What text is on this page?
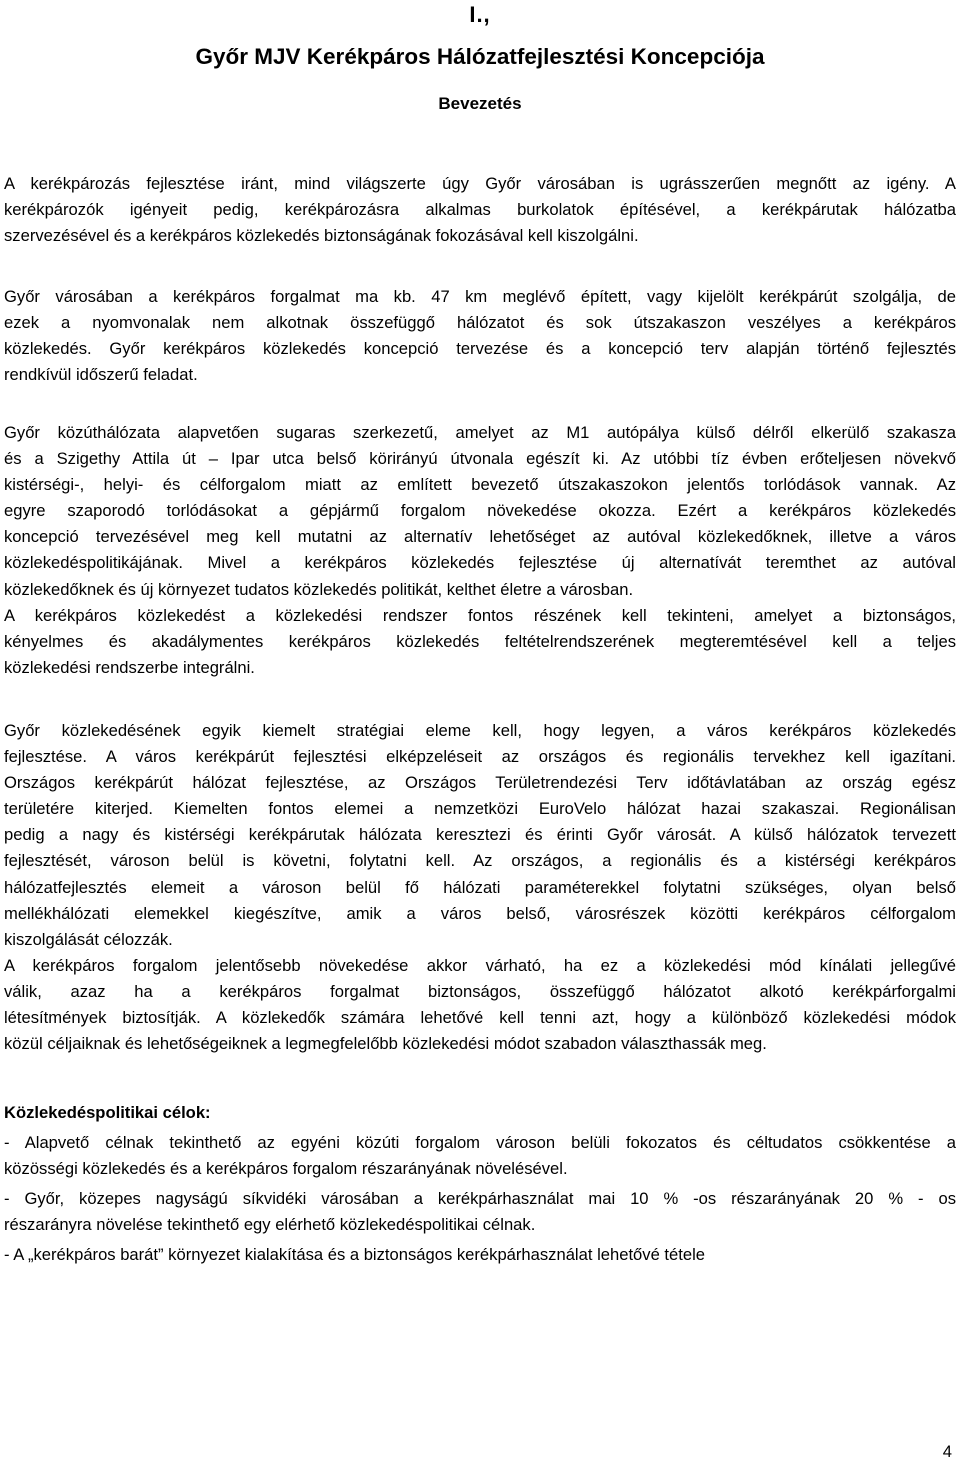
I.,
Győr MJV Kerékpáros Hálózatfejlesztési Koncepciója
Bevezetés

A kerékpározás fejlesztése iránt, mind világszerte úgy Győr városában is ugrásszerűen megnőtt az igény. A
kerékpározók igényeit pedig, kerékpározásra alkalmas burkolatok építésével, a kerékpárutak hálózatba
szervezésével és a kerékpáros közlekedés biztonságának fokozásával kell kiszolgálni.

Győr városában a kerékpáros forgalmat ma kb. 47 km meglévő épített, vagy kijelölt kerékpárút szolgálja, de
ezek a nyomvonalak nem alkotnak összefüggő hálózatot és sok útszakaszon veszélyes a kerékpáros
közlekedés. Győr kerékpáros közlekedés koncepció tervezése és a koncepció terv alapján történő fejlesztés
rendkívül időszerű feladat.

Győr közúthálózata alapvetően sugaras szerkezetű, amelyet az M1 autópálya külső délről elkerülő szakasza
és a Szigethy Attila út – Ipar utca belső körirányú útvonala egészít ki. Az utóbbi tíz évben erőteljesen növekvő
kistérségi-, helyi- és célforgalom miatt az említett bevezető útszakaszokon jelentős torlódások vannak. Az
egyre szaporodó torlódásokat a gépjármű forgalom növekedése okozza. Ezért a kerékpáros közlekedés
koncepció tervezésével meg kell mutatni az alternatív lehetőséget az autóval közlekedőknek, illetve a város
közlekedéspolitikájának. Mivel a kerékpáros közlekedés fejlesztése új alternatívát teremthet az autóval
közlekedőknek és új környezet tudatos közlekedés politikát, kelthet életre a városban.
A kerékpáros közlekedést a közlekedési rendszer fontos részének kell tekinteni, amelyet a biztonságos,
kényelmes és akadálymentes kerékpáros közlekedés feltételrendszerének megteremtésével kell a teljes
közlekedési rendszerbe integrálni.

Győr közlekedésének egyik kiemelt stratégiai eleme kell, hogy legyen, a város kerékpáros közlekedés
fejlesztése. A város kerékpárút fejlesztési elképzeléseit az országos és regionális tervekhez kell igazítani.
Országos kerékpárút hálózat fejlesztése, az Országos Területrendezési Terv időtávlatában az ország egész
területére kiterjed. Kiemelten fontos elemei a nemzetközi EuroVelo hálózat hazai szakaszai. Regionálisan
pedig a nagy és kistérségi kerékpárutak hálózata keresztezi és érinti Győr városát. A külső hálózatok tervezett
fejlesztését, városon belül is követni, folytatni kell. Az országos, a regionális és a kistérségi kerékpáros
hálózatfejlesztés elemeit a városon belül fő hálózati paraméterekkel folytatni szükséges, olyan belső
mellékhálózati elemekkel kiegészítve, amik a város belső, városrészek közötti kerékpáros célforgalom
kiszolgálását célozzák.
A kerékpáros forgalom jelentősebb növekedése akkor várható, ha ez a közlekedési mód kínálati jellegűvé
válik, azaz ha a kerékpáros forgalmat biztonságos, összefüggő hálózatot alkotó kerékpárforgalmi
létesítmények biztosítják. A közlekedők számára lehetővé kell tenni azt, hogy a különböző közlekedési módok
közül céljaiknak és lehetőségeiknek a legmegfelelőbb közlekedési módot szabadon választhassák meg.

Közlekedéspolitikai célok:

- Alapvető célnak tekinthető az egyéni közúti forgalom városon belüli fokozatos és céltudatos csökkentése a
közösségi közlekedés és a kerékpáros forgalom részarányának növelésével.

- Győr, közepes nagyságú síkvidéki városában a kerékpárhasználat mai 10 % -os részarányának 20 % - os
részarányra növelése tekinthető egy elérhető közlekedéspolitikai célnak.

- A „kerékpáros barát” környezet kialakítása és a biztonságos kerékpárhasználat lehetővé tétele

4
